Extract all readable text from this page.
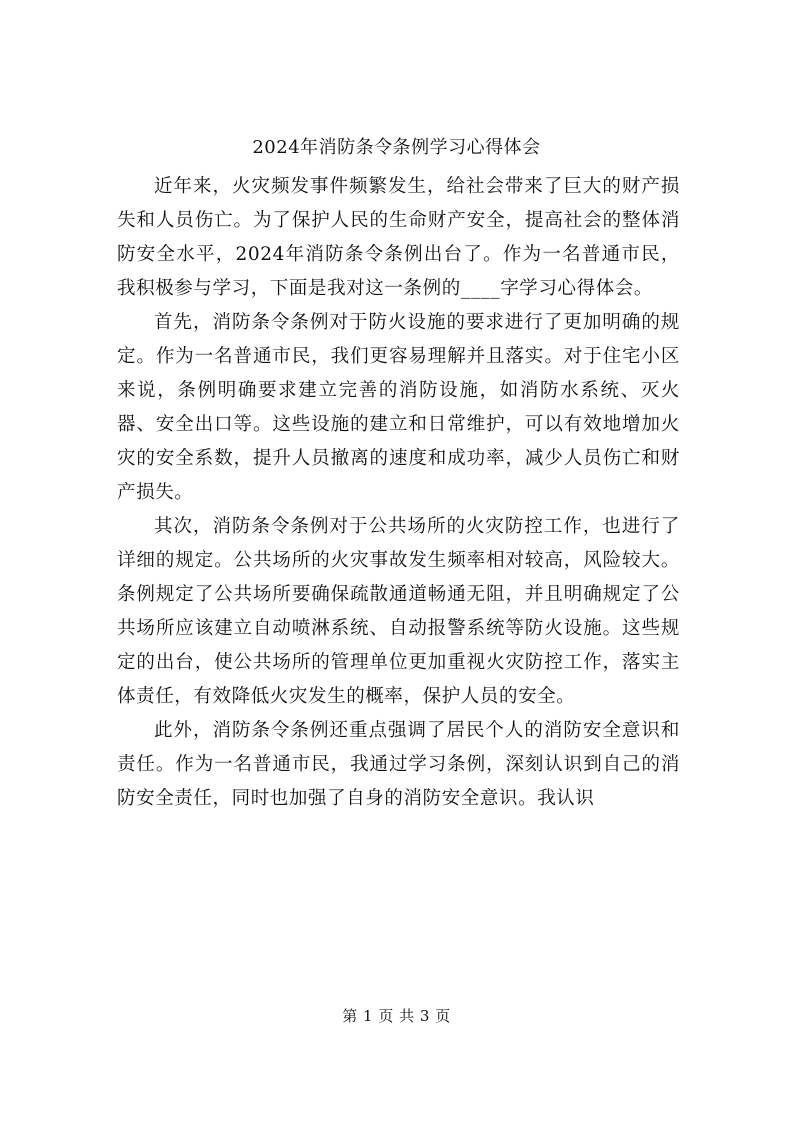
2024年消防条令条例学习心得体会

近年来，火灾频发事件频繁发生，给社会带来了巨大的财产损失和人员伤亡。为了保护人民的生命财产安全，提高社会的整体消防安全水平，2024年消防条令条例出台了。作为一名普通市民，我积极参与学习，下面是我对这一条例的____字学习心得体会。

首先，消防条令条例对于防火设施的要求进行了更加明确的规定。作为一名普通市民，我们更容易理解并且落实。对于住宅小区来说，条例明确要求建立完善的消防设施，如消防水系统、灭火器、安全出口等。这些设施的建立和日常维护，可以有效地增加火灾的安全系数，提升人员撤离的速度和成功率，减少人员伤亡和财产损失。

其次，消防条令条例对于公共场所的火灾防控工作，也进行了详细的规定。公共场所的火灾事故发生频率相对较高，风险较大。条例规定了公共场所要确保疏散通道畅通无阻，并且明确规定了公共场所应该建立自动喷淋系统、自动报警系统等防火设施。这些规定的出台，使公共场所的管理单位更加重视火灾防控工作，落实主体责任，有效降低火灾发生的概率，保护人员的安全。

此外，消防条令条例还重点强调了居民个人的消防安全意识和责任。作为一名普通市民，我通过学习条例，深刻认识到自己的消防安全责任，同时也加强了自身的消防安全意识。我认识

第 1 页 共 3 页
